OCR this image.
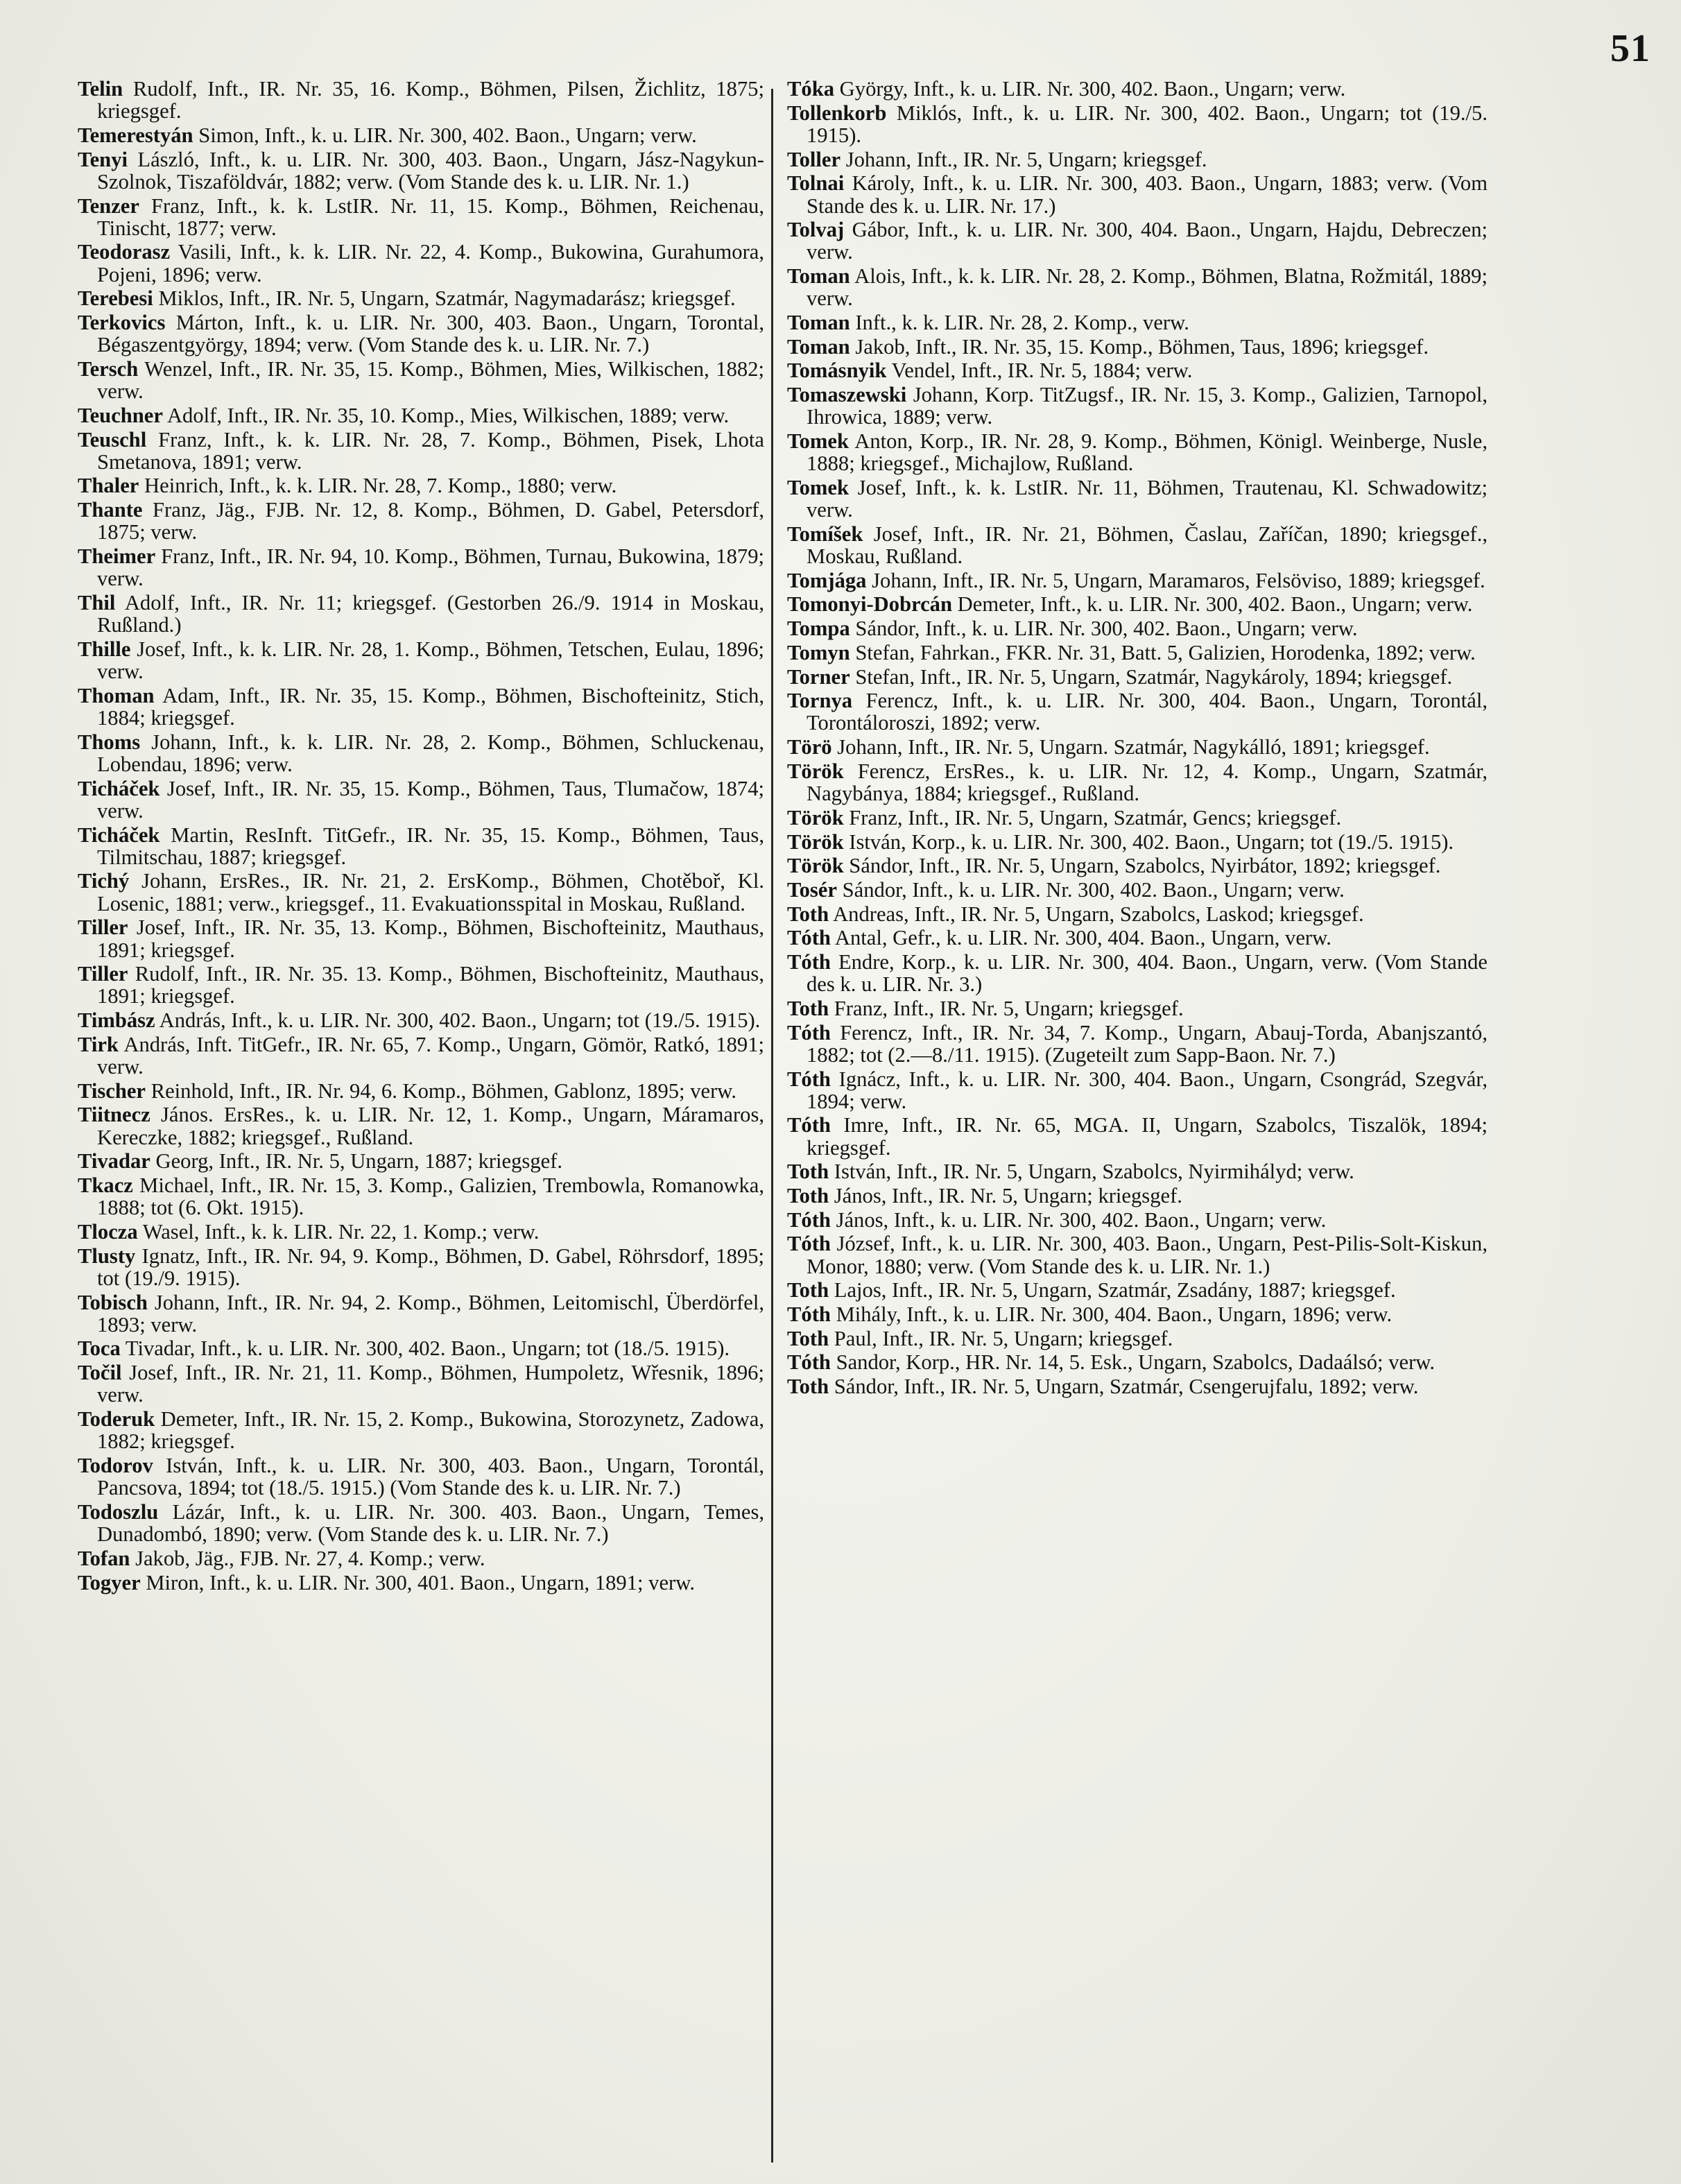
51

Telin Rudolf, Inft., IR. Nr. 35, 16. Komp., Böhmen, Pilsen, Žichlitz, 1875; kriegsgef.

Temerestyán Simon, Inft., k. u. LIR. Nr. 300, 402. Baon., Ungarn; verw.

Tenyi László, Inft., k. u. LIR. Nr. 300, 403. Baon., Ungarn, Jász-Nagykun-Szolnok, Tiszaföldvár, 1882; verw. (Vom Stande des k. u. LIR. Nr. 1.)

Tenzer Franz, Inft., k. k. LstIR. Nr. 11, 15. Komp., Böhmen, Reichenau, Tinischt, 1877; verw.

Teodorasz Vasili, Inft., k. k. LIR. Nr. 22, 4. Komp., Bukowina, Gurahumora, Pojeni, 1896; verw.

Terebesi Miklos, Inft., IR. Nr. 5, Ungarn, Szatmár, Nagymadarász; kriegsgef.

Terkovics Márton, Inft., k. u. LIR. Nr. 300, 403. Baon., Ungarn, Torontal, Bégaszentgyörgy, 1894; verw. (Vom Stande des k. u. LIR. Nr. 7.)

Tersch Wenzel, Inft., IR. Nr. 35, 15. Komp., Böhmen, Mies, Wilkischen, 1882; verw.

Teuchner Adolf, Inft., IR. Nr. 35, 10. Komp., Mies, Wilkischen, 1889; verw.

Teuschl Franz, Inft., k. k. LIR. Nr. 28, 7. Komp., Böhmen, Pisek, Lhota Smetanova, 1891; verw.

Thaler Heinrich, Inft., k. k. LIR. Nr. 28, 7. Komp., 1880; verw.

Thante Franz, Jäg., FJB. Nr. 12, 8. Komp., Böhmen, D. Gabel, Petersdorf, 1875; verw.

Theimer Franz, Inft., IR. Nr. 94, 10. Komp., Böhmen, Turnau, Bukowina, 1879; verw.

Thil Adolf, Inft., IR. Nr. 11; kriegsgef. (Gestorben 26./9. 1914 in Moskau, Rußland.)

Thille Josef, Inft., k. k. LIR. Nr. 28, 1. Komp., Böhmen, Tetschen, Eulau, 1896; verw.

Thoman Adam, Inft., IR. Nr. 35, 15. Komp., Böhmen, Bischofteinitz, Stich, 1884; kriegsgef.

Thoms Johann, Inft., k. k. LIR. Nr. 28, 2. Komp., Böhmen, Schluckenau, Lobendau, 1896; verw.

Ticháček Josef, Inft., IR. Nr. 35, 15. Komp., Böhmen, Taus, Tlumačow, 1874; verw.

Ticháček Martin, ResInft. TitGefr., IR. Nr. 35, 15. Komp., Böhmen, Taus, Tilmitschau, 1887; kriegsgef.

Tichý Johann, ErsRes., IR. Nr. 21, 2. ErsKomp., Böhmen, Chotěboř, Kl. Losenic, 1881; verw., kriegsgef., 11. Evakuationsspital in Moskau, Rußland.

Tiller Josef, Inft., IR. Nr. 35, 13. Komp., Böhmen, Bischofteinitz, Mauthaus, 1891; kriegsgef.

Tiller Rudolf, Inft., IR. Nr. 35. 13. Komp., Böhmen, Bischofteinitz, Mauthaus, 1891; kriegsgef.

Timbász András, Inft., k. u. LIR. Nr. 300, 402. Baon., Ungarn; tot (19./5. 1915).

Tirk András, Inft. TitGefr., IR. Nr. 65, 7. Komp., Ungarn, Gömör, Ratkó, 1891; verw.

Tischer Reinhold, Inft., IR. Nr. 94, 6. Komp., Böhmen, Gablonz, 1895; verw.

Tiitnecz János. ErsRes., k. u. LIR. Nr. 12, 1. Komp., Ungarn, Máramaros, Kereczke, 1882; kriegsgef., Rußland.

Tivadar Georg, Inft., IR. Nr. 5, Ungarn, 1887; kriegsgef.

Tkacz Michael, Inft., IR. Nr. 15, 3. Komp., Galizien, Trembowla, Romanowka, 1888; tot (6. Okt. 1915).

Tlocza Wasel, Inft., k. k. LIR. Nr. 22, 1. Komp.; verw.

Tlusty Ignatz, Inft., IR. Nr. 94, 9. Komp., Böhmen, D. Gabel, Röhrsdorf, 1895; tot (19./9. 1915).

Tobisch Johann, Inft., IR. Nr. 94, 2. Komp., Böhmen, Leitomischl, Überdörfel, 1893; verw.

Toca Tivadar, Inft., k. u. LIR. Nr. 300, 402. Baon., Ungarn; tot (18./5. 1915).

Točil Josef, Inft., IR. Nr. 21, 11. Komp., Böhmen, Humpoletz, Wřesnik, 1896; verw.

Toderuk Demeter, Inft., IR. Nr. 15, 2. Komp., Bukowina, Storozynetz, Zadowa, 1882; kriegsgef.

Todorov István, Inft., k. u. LIR. Nr. 300, 403. Baon., Ungarn, Torontál, Pancsova, 1894; tot (18./5. 1915.) (Vom Stande des k. u. LIR. Nr. 7.)

Todoszlu Lázár, Inft., k. u. LIR. Nr. 300. 403. Baon., Ungarn, Temes, Dunadombó, 1890; verw. (Vom Stande des k. u. LIR. Nr. 7.)

Tofan Jakob, Jäg., FJB. Nr. 27, 4. Komp.; verw.

Togyer Miron, Inft., k. u. LIR. Nr. 300, 401. Baon., Ungarn, 1891; verw.

Tóka György, Inft., k. u. LIR. Nr. 300, 402. Baon., Ungarn; verw.

Tollenkorb Miklós, Inft., k. u. LIR. Nr. 300, 402. Baon., Ungarn; tot (19./5. 1915).

Toller Johann, Inft., IR. Nr. 5, Ungarn; kriegsgef.

Tolnai Károly, Inft., k. u. LIR. Nr. 300, 403. Baon., Ungarn, 1883; verw. (Vom Stande des k. u. LIR. Nr. 17.)

Tolvaj Gábor, Inft., k. u. LIR. Nr. 300, 404. Baon., Ungarn, Hajdu, Debreczen; verw.

Toman Alois, Inft., k. k. LIR. Nr. 28, 2. Komp., Böhmen, Blatna, Rožmitál, 1889; verw.

Toman Inft., k. k. LIR. Nr. 28, 2. Komp., verw.

Toman Jakob, Inft., IR. Nr. 35, 15. Komp., Böhmen, Taus, 1896; kriegsgef.

Tomásnyik Vendel, Inft., IR. Nr. 5, 1884; verw.

Tomaszewski Johann, Korp. TitZugsf., IR. Nr. 15, 3. Komp., Galizien, Tarnopol, Ihrowica, 1889; verw.

Tomek Anton, Korp., IR. Nr. 28, 9. Komp., Böhmen, Königl. Weinberge, Nusle, 1888; kriegsgef., Michajlow, Rußland.

Tomek Josef, Inft., k. k. LstIR. Nr. 11, Böhmen, Trautenau, Kl. Schwadowitz; verw.

Tomíšek Josef, Inft., IR. Nr. 21, Böhmen, Časlau, Zaříčan, 1890; kriegsgef., Moskau, Rußland.

Tomjága Johann, Inft., IR. Nr. 5, Ungarn, Maramaros, Felsöviso, 1889; kriegsgef.

Tomonyi-Dobrcán Demeter, Inft., k. u. LIR. Nr. 300, 402. Baon., Ungarn; verw.

Tompa Sándor, Inft., k. u. LIR. Nr. 300, 402. Baon., Ungarn; verw.

Tomyn Stefan, Fahrkan., FKR. Nr. 31, Batt. 5, Galizien, Horodenka, 1892; verw.

Torner Stefan, Inft., IR. Nr. 5, Ungarn, Szatmár, Nagykároly, 1894; kriegsgef.

Tornya Ferencz, Inft., k. u. LIR. Nr. 300, 404. Baon., Ungarn, Torontál, Torontáloroszi, 1892; verw.

Törö Johann, Inft., IR. Nr. 5, Ungarn. Szatmár, Nagykálló, 1891; kriegsgef.

Török Ferencz, ErsRes., k. u. LIR. Nr. 12, 4. Komp., Ungarn, Szatmár, Nagybánya, 1884; kriegsgef., Rußland.

Török Franz, Inft., IR. Nr. 5, Ungarn, Szatmár, Gencs; kriegsgef.

Török István, Korp., k. u. LIR. Nr. 300, 402. Baon., Ungarn; tot (19./5. 1915).

Török Sándor, Inft., IR. Nr. 5, Ungarn, Szabolcs, Nyirbátor, 1892; kriegsgef.

Tosér Sándor, Inft., k. u. LIR. Nr. 300, 402. Baon., Ungarn; verw.

Toth Andreas, Inft., IR. Nr. 5, Ungarn, Szabolcs, Laskod; kriegsgef.

Tóth Antal, Gefr., k. u. LIR. Nr. 300, 404. Baon., Ungarn, verw.

Tóth Endre, Korp., k. u. LIR. Nr. 300, 404. Baon., Ungarn, verw. (Vom Stande des k. u. LIR. Nr. 3.)

Toth Franz, Inft., IR. Nr. 5, Ungarn; kriegsgef.

Tóth Ferencz, Inft., IR. Nr. 34, 7. Komp., Ungarn, Abauj-Torda, Abanjszantó, 1882; tot (2.—8./11. 1915). (Zugeteilt zum Sapp-Baon. Nr. 7.)

Tóth Ignácz, Inft., k. u. LIR. Nr. 300, 404. Baon., Ungarn, Csongrád, Szegvár, 1894; verw.

Tóth Imre, Inft., IR. Nr. 65, MGA. II, Ungarn, Szabolcs, Tiszalök, 1894; kriegsgef.

Toth István, Inft., IR. Nr. 5, Ungarn, Szabolcs, Nyirmihályd; verw.

Toth János, Inft., IR. Nr. 5, Ungarn; kriegsgef.

Tóth János, Inft., k. u. LIR. Nr. 300, 402. Baon., Ungarn; verw.

Tóth József, Inft., k. u. LIR. Nr. 300, 403. Baon., Ungarn, Pest-Pilis-Solt-Kiskun, Monor, 1880; verw. (Vom Stande des k. u. LIR. Nr. 1.)

Toth Lajos, Inft., IR. Nr. 5, Ungarn, Szatmár, Zsadány, 1887; kriegsgef.

Tóth Mihály, Inft., k. u. LIR. Nr. 300, 404. Baon., Ungarn, 1896; verw.

Toth Paul, Inft., IR. Nr. 5, Ungarn; kriegsgef.

Tóth Sandor, Korp., HR. Nr. 14, 5. Esk., Ungarn, Szabolcs, Dadaálsó; verw.

Toth Sándor, Inft., IR. Nr. 5, Ungarn, Szatmár, Csengerujfalu, 1892; verw.
